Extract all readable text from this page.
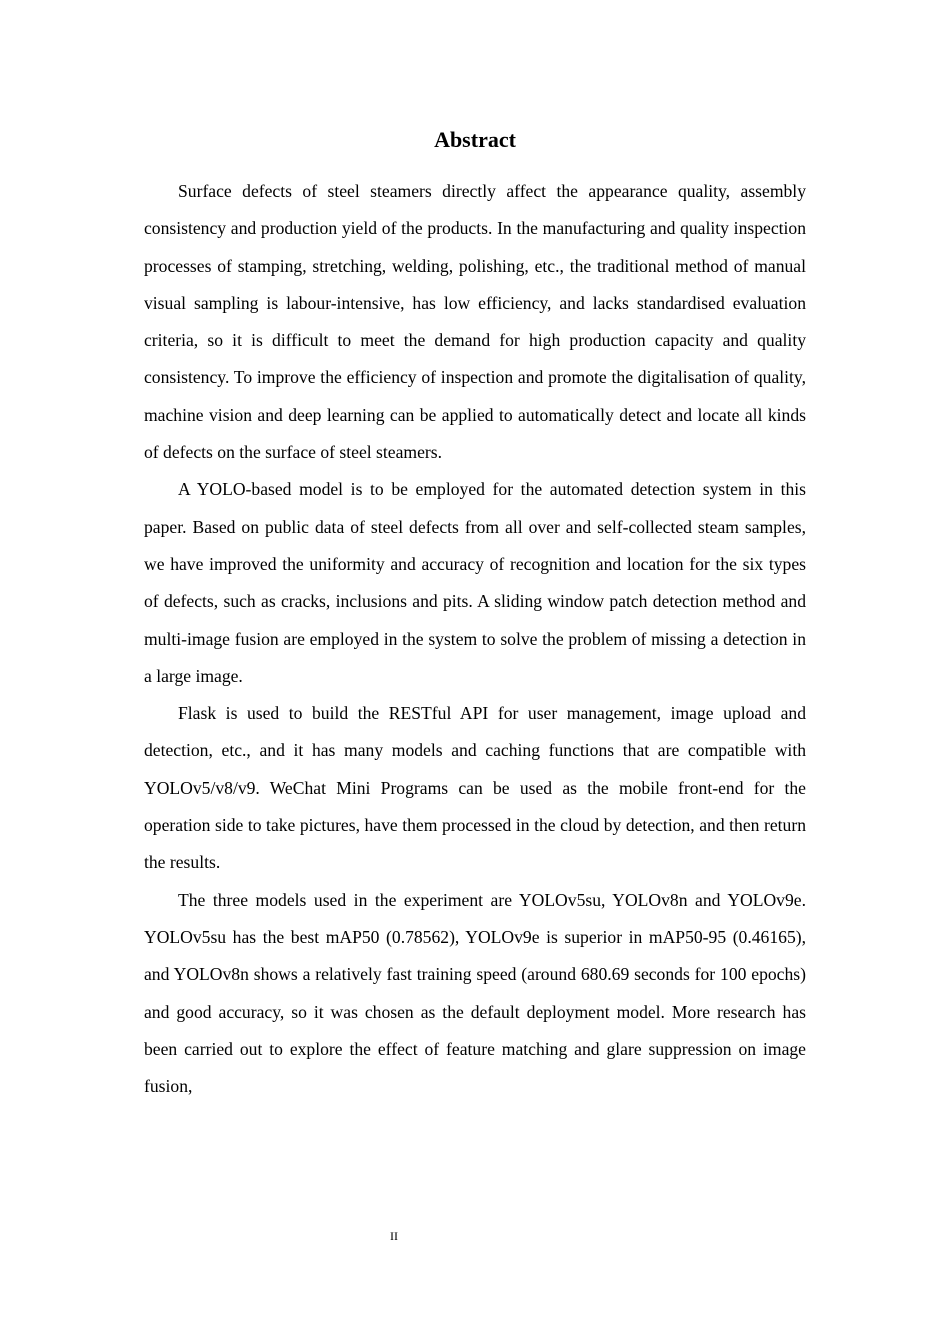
Abstract

Surface defects of steel steamers directly affect the appearance quality, assembly consistency and production yield of the products. In the manufacturing and quality inspection processes of stamping, stretching, welding, polishing, etc., the traditional method of manual visual sampling is labour-intensive, has low efficiency, and lacks standardised evaluation criteria, so it is difficult to meet the demand for high production capacity and quality consistency. To improve the efficiency of inspection and promote the digitalisation of quality, machine vision and deep learning can be applied to automatically detect and locate all kinds of defects on the surface of steel steamers.

A YOLO-based model is to be employed for the automated detection system in this paper. Based on public data of steel defects from all over and self-collected steam samples, we have improved the uniformity and accuracy of recognition and location for the six types of defects, such as cracks, inclusions and pits. A sliding window patch detection method and multi-image fusion are employed in the system to solve the problem of missing a detection in a large image.

Flask is used to build the RESTful API for user management, image upload and detection, etc., and it has many models and caching functions that are compatible with YOLOv5/v8/v9. WeChat Mini Programs can be used as the mobile front-end for the operation side to take pictures, have them processed in the cloud by detection, and then return the results.

The three models used in the experiment are YOLOv5su, YOLOv8n and YOLOv9e. YOLOv5su has the best mAP50 (0.78562), YOLOv9e is superior in mAP50-95 (0.46165), and YOLOv8n shows a relatively fast training speed (around 680.69 seconds for 100 epochs) and good accuracy, so it was chosen as the default deployment model. More research has been carried out to explore the effect of feature matching and glare suppression on image fusion,

II
